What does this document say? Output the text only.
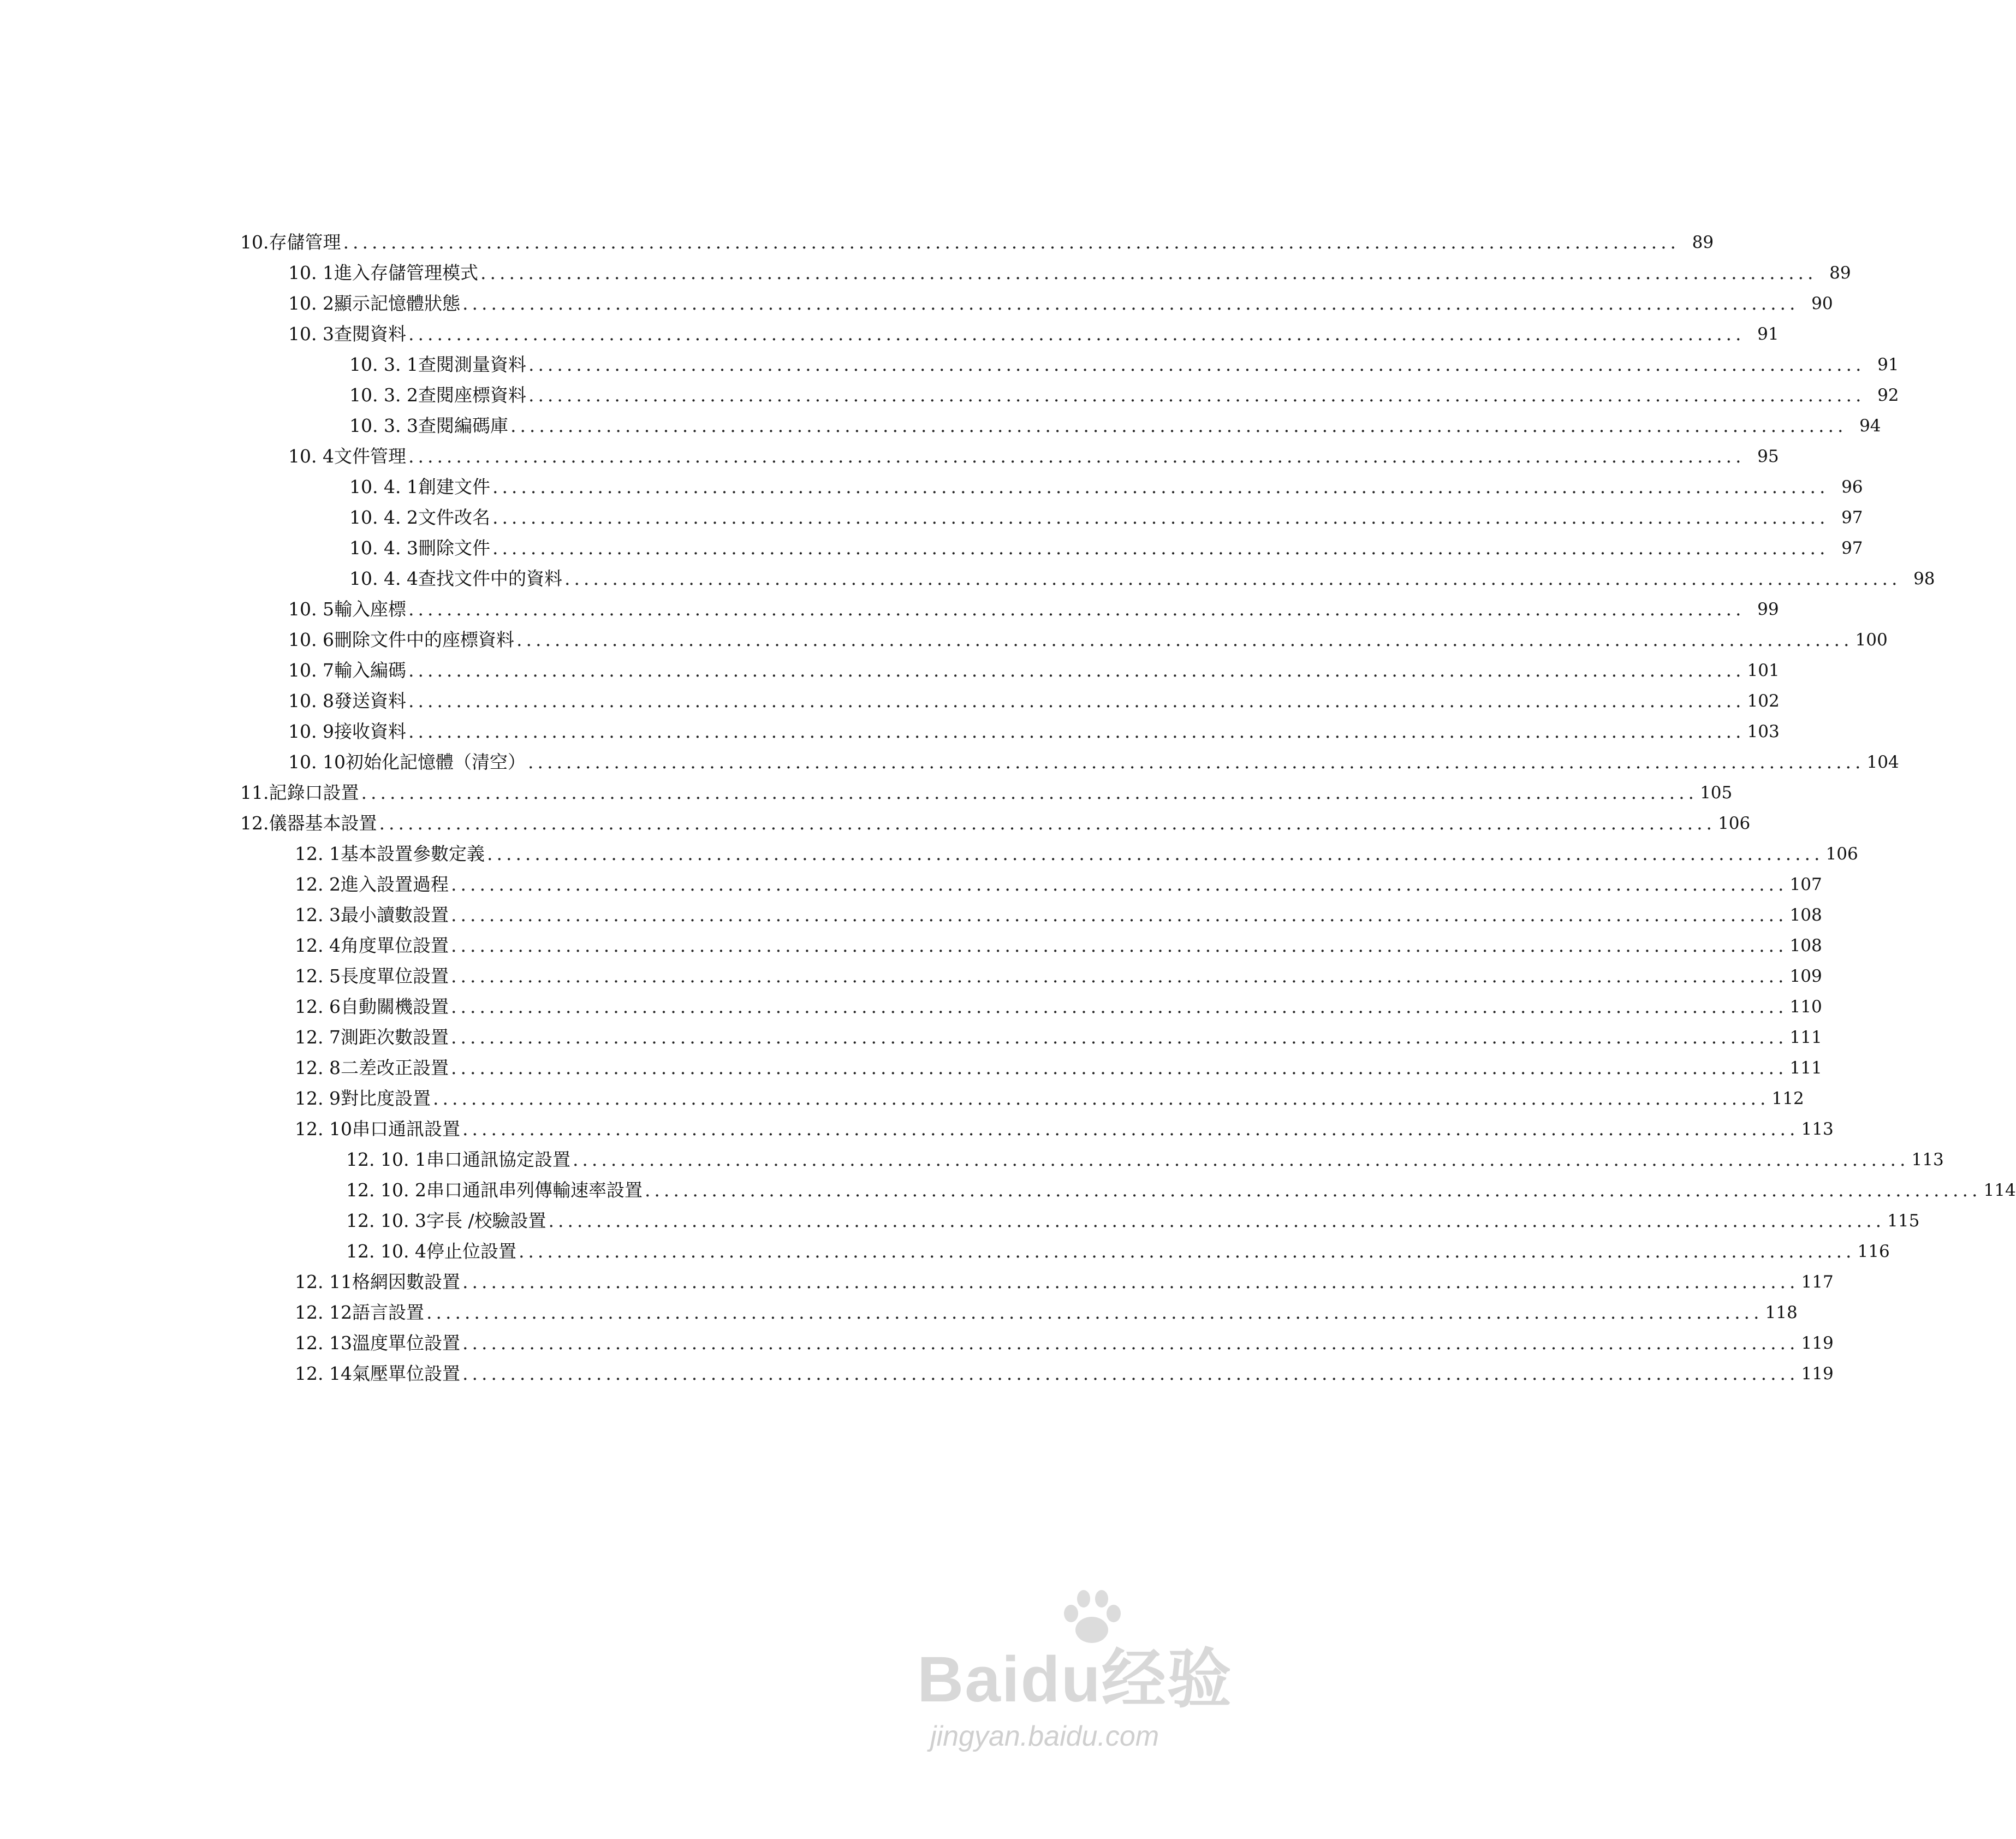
10. 存儲管理 ............................................................................................................................................ 89
10. 1 進入存儲管理模式 ............................................................................................................................................ 89
10. 2 顯示記憶體狀態 ............................................................................................................................................ 90
10. 3 查閱資料 ............................................................................................................................................ 91
10. 3. 1 查閱測量資料 ............................................................................................................................................ 91
10. 3. 2 查閱座標資料 ............................................................................................................................................ 92
10. 3. 3 查閱編碼庫 ............................................................................................................................................ 94
10. 4 文件管理 ............................................................................................................................................ 95
10. 4. 1 創建文件 ............................................................................................................................................ 96
10. 4. 2 文件改名 ............................................................................................................................................ 97
10. 4. 3 刪除文件 ............................................................................................................................................ 97
10. 4. 4 查找文件中的資料 ............................................................................................................................................ 98
10. 5 輸入座標 ............................................................................................................................................ 99
10. 6 刪除文件中的座標資料 ............................................................................................................................................ 100
10. 7 輸入編碼 ............................................................................................................................................ 101
10. 8 發送資料 ............................................................................................................................................ 102
10. 9 接收資料 ............................................................................................................................................ 103
10. 10 初始化記憶體（清空） ............................................................................................................................................ 104
11. 記錄口設置 ............................................................................................................................................ 105
12. 儀器基本設置 ............................................................................................................................................ 106
12. 1 基本設置參數定義 ............................................................................................................................................ 106
12. 2 進入設置過程 ............................................................................................................................................ 107
12. 3 最小讀數設置 ............................................................................................................................................ 108
12. 4 角度單位設置 ............................................................................................................................................ 108
12. 5 長度單位設置 ............................................................................................................................................ 109
12. 6 自動關機設置 ............................................................................................................................................ 110
12. 7 測距次數設置 ............................................................................................................................................ 111
12. 8 二差改正設置 ............................................................................................................................................ 111
12. 9 對比度設置 ............................................................................................................................................ 112
12. 10 串口通訊設置 ............................................................................................................................................ 113
12. 10. 1 串口通訊協定設置 ............................................................................................................................................ 113
12. 10. 2 串口通訊串列傳輸速率設置 ............................................................................................................................................ 114
12. 10. 3 字長 /校驗設置 ............................................................................................................................................ 115
12. 10. 4 停止位設置 ............................................................................................................................................ 116
12. 11 格網因數設置 ............................................................................................................................................ 117
12. 12 語言設置 ............................................................................................................................................ 118
12. 13 溫度單位設置 ............................................................................................................................................ 119
12. 14 氣壓單位設置 ............................................................................................................................................ 119
Baidu经验
jingyan.baidu.com
